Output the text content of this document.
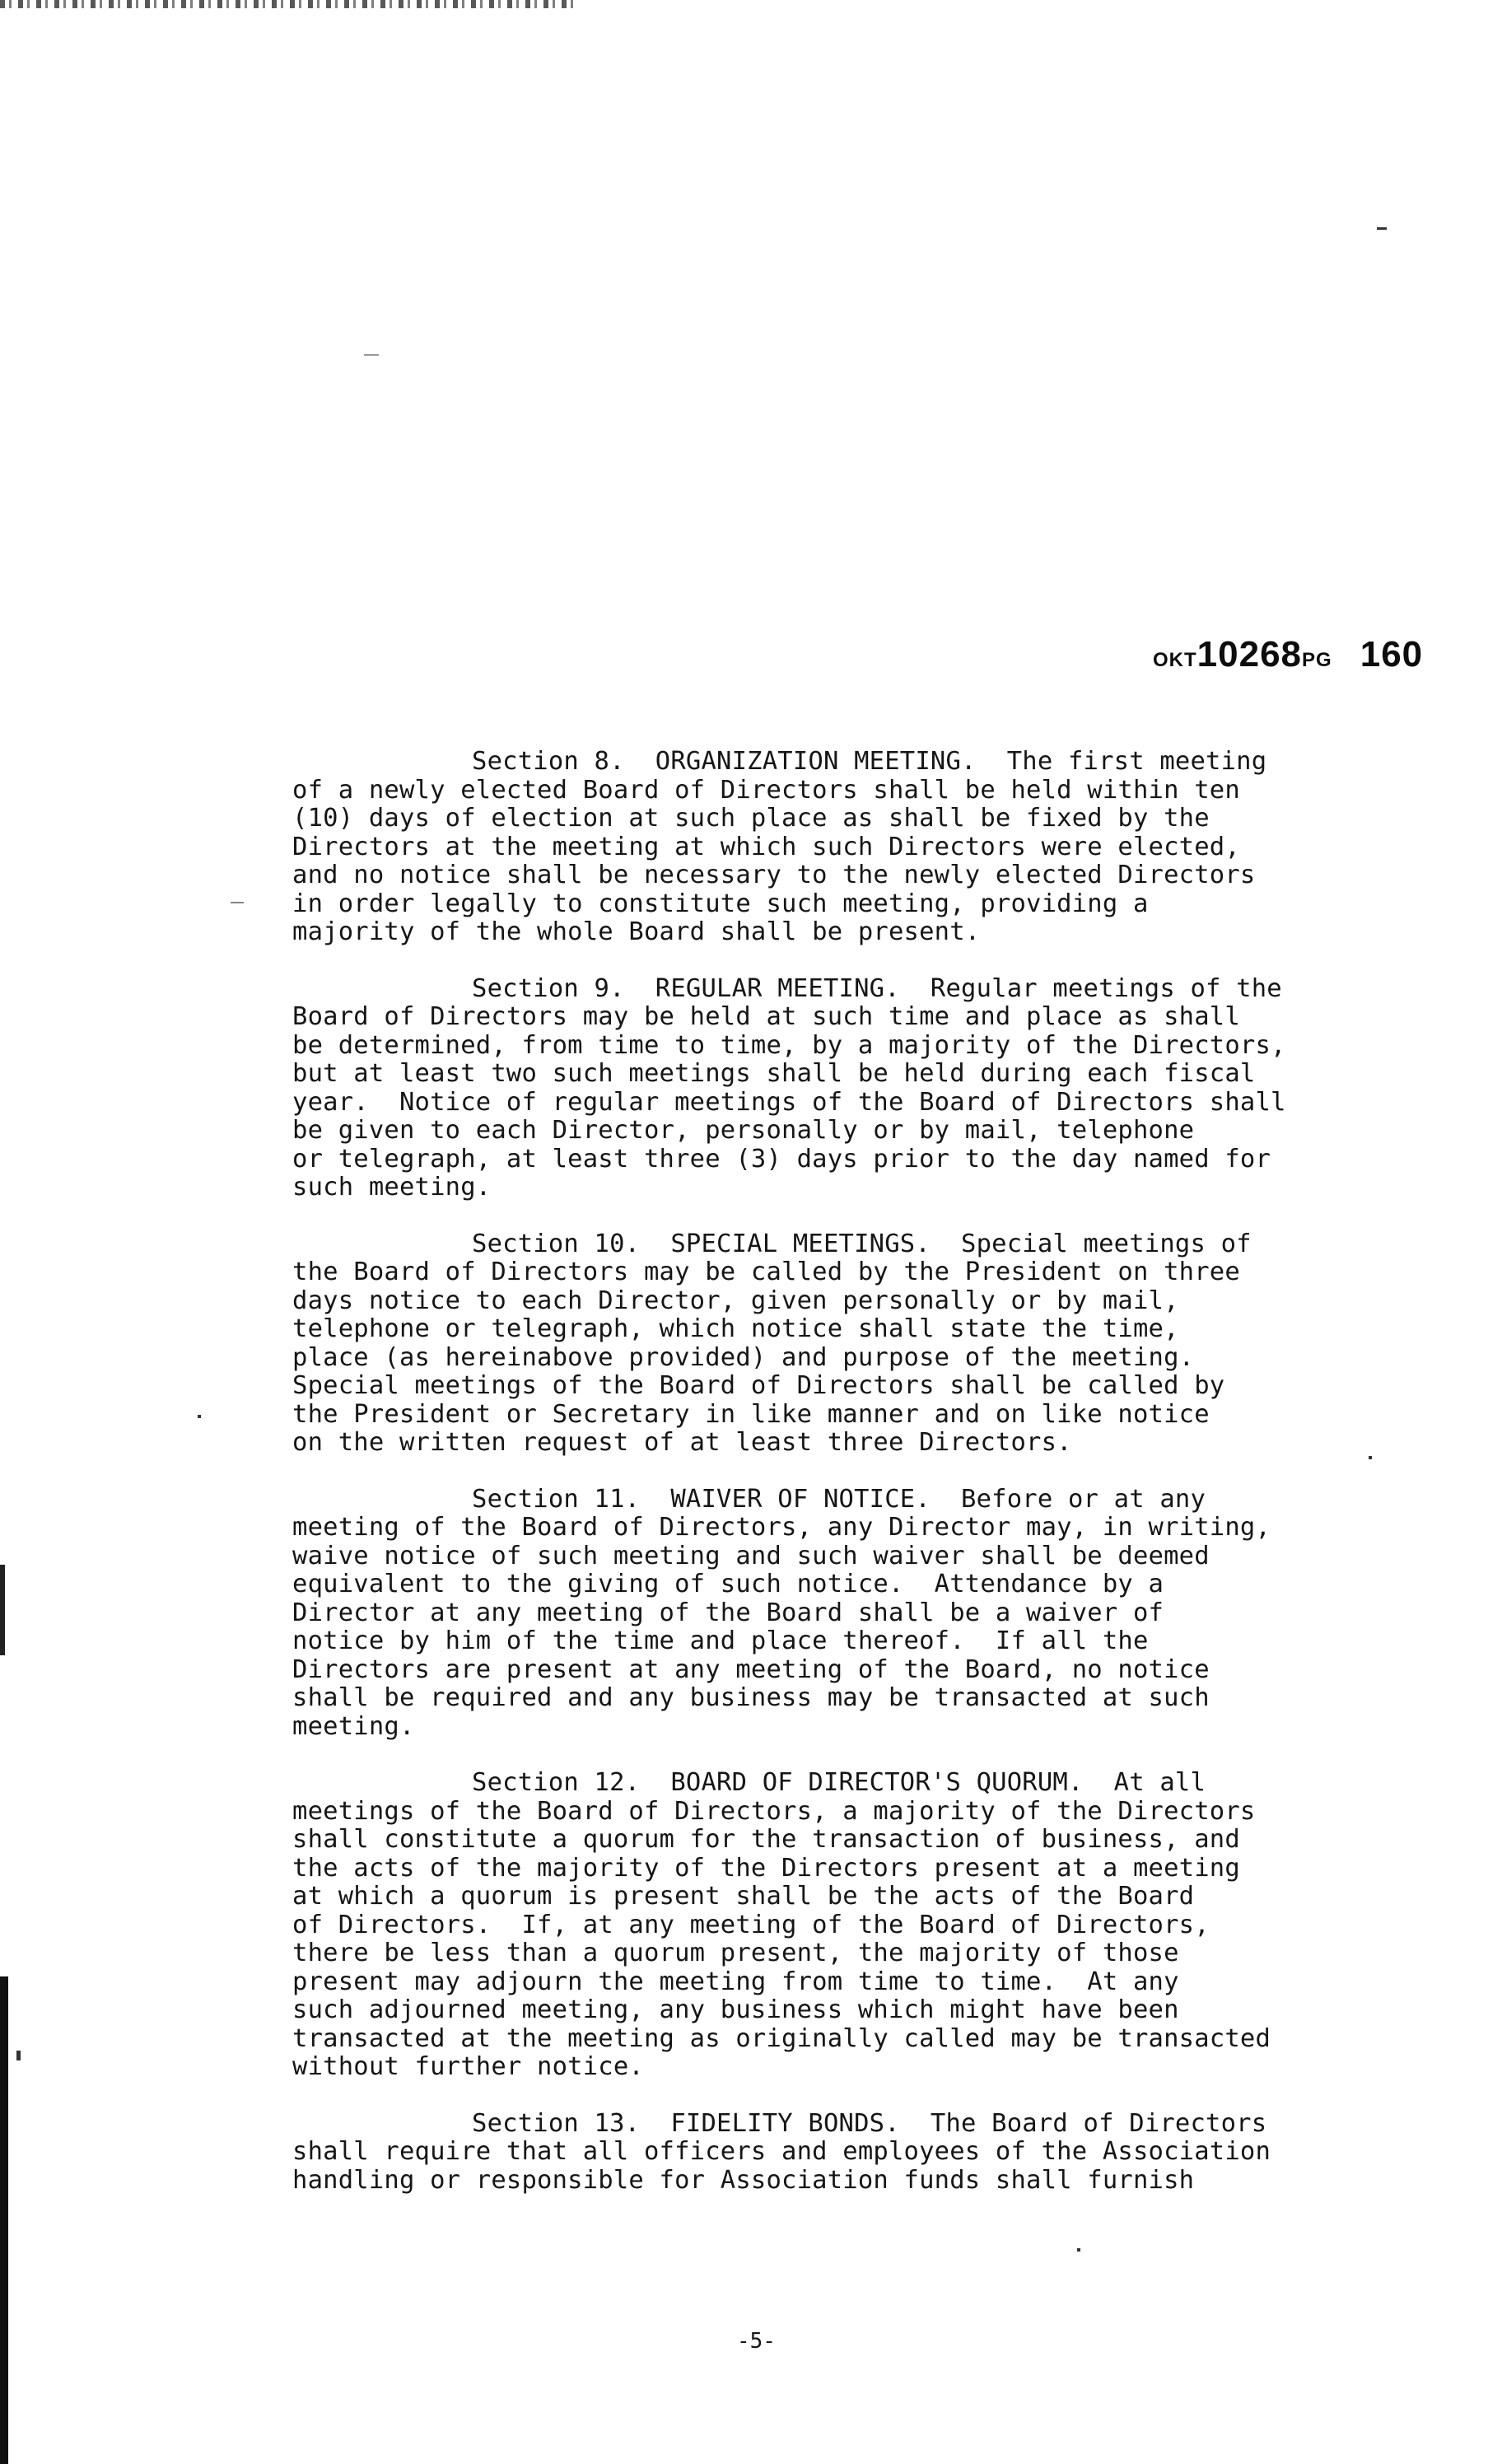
OKT10268PG 160
Section 8.  ORGANIZATION MEETING.  The first meeting
of a newly elected Board of Directors shall be held within ten
(10) days of election at such place as shall be fixed by the
Directors at the meeting at which such Directors were elected,
and no notice shall be necessary to the newly elected Directors
in order legally to constitute such meeting, providing a
majority of the whole Board shall be present.
Section 9.  REGULAR MEETING.  Regular meetings of the
Board of Directors may be held at such time and place as shall
be determined, from time to time, by a majority of the Directors,
but at least two such meetings shall be held during each fiscal
year.  Notice of regular meetings of the Board of Directors shall
be given to each Director, personally or by mail, telephone
or telegraph, at least three (3) days prior to the day named for
such meeting.
Section 10.  SPECIAL MEETINGS.  Special meetings of
the Board of Directors may be called by the President on three
days notice to each Director, given personally or by mail,
telephone or telegraph, which notice shall state the time,
place (as hereinabove provided) and purpose of the meeting.
Special meetings of the Board of Directors shall be called by
the President or Secretary in like manner and on like notice
on the written request of at least three Directors.
Section 11.  WAIVER OF NOTICE.  Before or at any
meeting of the Board of Directors, any Director may, in writing,
waive notice of such meeting and such waiver shall be deemed
equivalent to the giving of such notice.  Attendance by a
Director at any meeting of the Board shall be a waiver of
notice by him of the time and place thereof.  If all the
Directors are present at any meeting of the Board, no notice
shall be required and any business may be transacted at such
meeting.
Section 12.  BOARD OF DIRECTOR'S QUORUM.  At all
meetings of the Board of Directors, a majority of the Directors
shall constitute a quorum for the transaction of business, and
the acts of the majority of the Directors present at a meeting
at which a quorum is present shall be the acts of the Board
of Directors.  If, at any meeting of the Board of Directors,
there be less than a quorum present, the majority of those
present may adjourn the meeting from time to time.  At any
such adjourned meeting, any business which might have been
transacted at the meeting as originally called may be transacted
without further notice.
Section 13.  FIDELITY BONDS.  The Board of Directors
shall require that all officers and employees of the Association
handling or responsible for Association funds shall furnish
-5-
